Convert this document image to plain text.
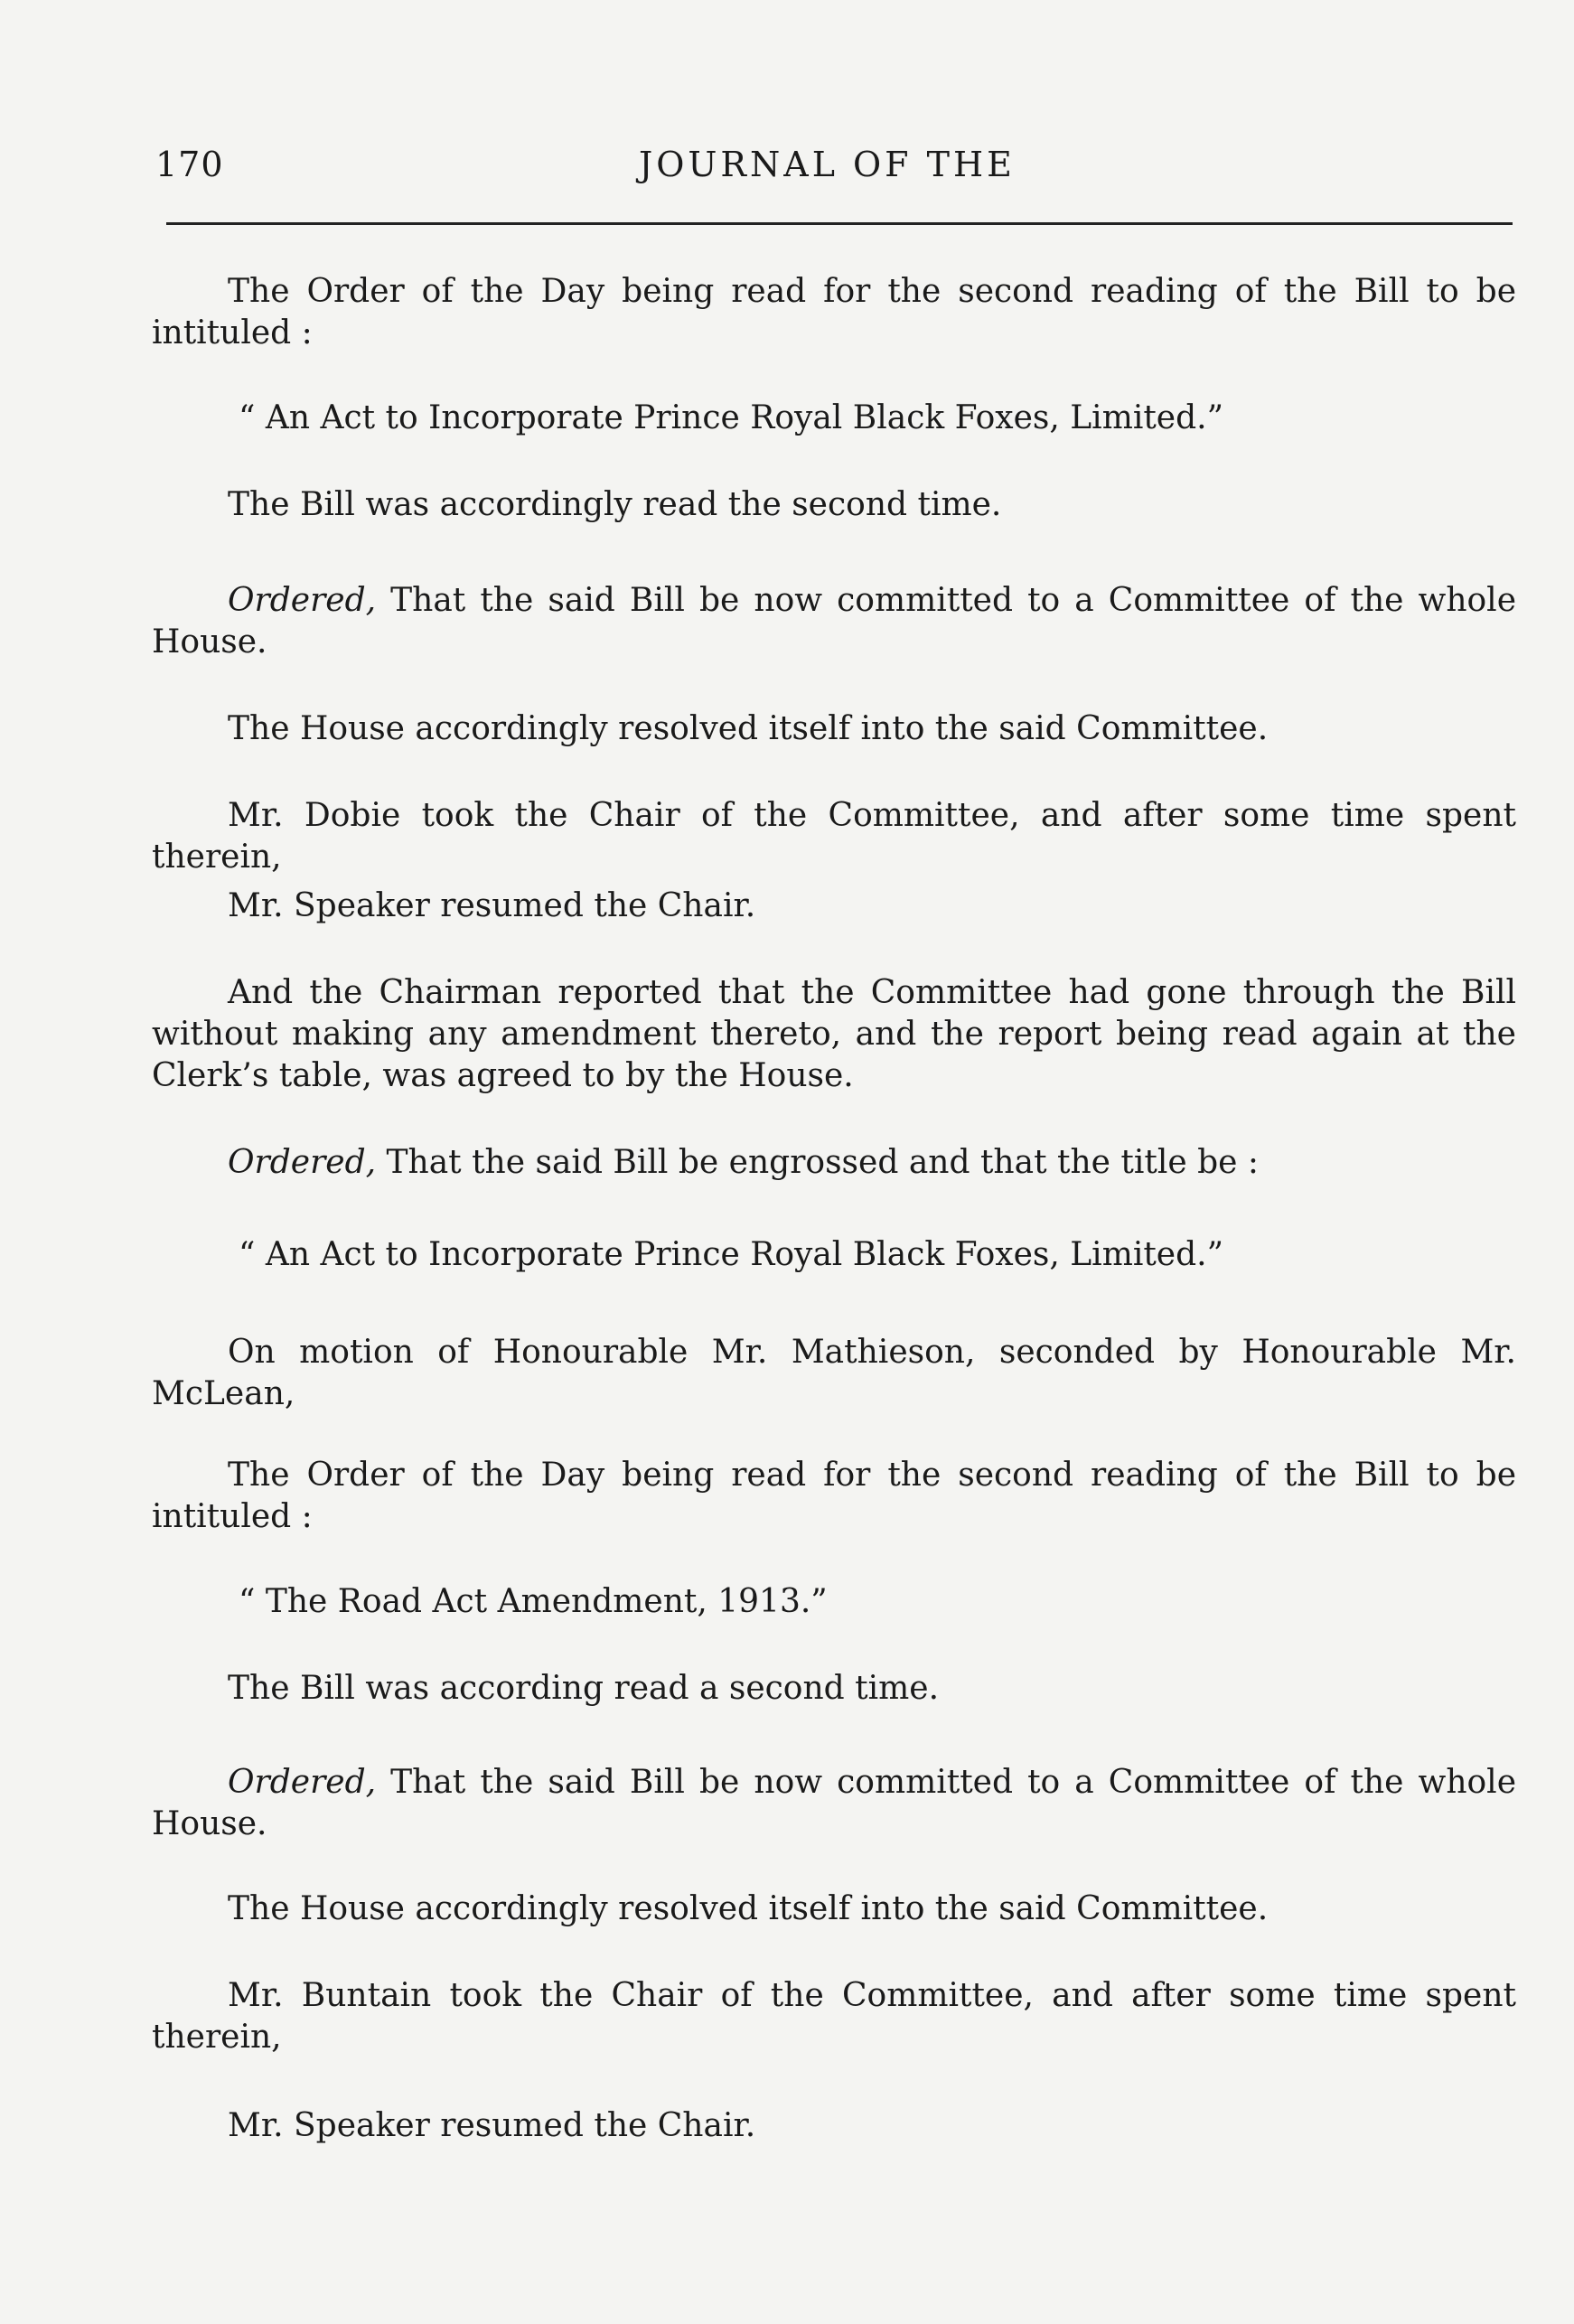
170	JOURNAL OF THE

The Order of the Day being read for the second reading of the Bill to be intituled :

“ An Act to Incorporate Prince Royal Black Foxes, Limited.”

The Bill was accordingly read the second time.

Ordered, That the said Bill be now committed to a Committee of the whole House.

The House accordingly resolved itself into the said Committee.

Mr. Dobie took the Chair of the Committee, and after some time spent therein,

Mr. Speaker resumed the Chair.

And the Chairman reported that the Committee had gone through the Bill without making any amendment thereto, and the report being read again at the Clerk’s table, was agreed to by the House.

Ordered, That the said Bill be engrossed and that the title be :

“ An Act to Incorporate Prince Royal Black Foxes, Limited.”

On motion of Honourable Mr. Mathieson, seconded by Honourable Mr. McLean,

The Order of the Day being read for the second reading of the Bill to be intituled :

“ The Road Act Amendment, 1913.”

The Bill was according read a second time.

Ordered, That the said Bill be now committed to a Committee of the whole House.

The House accordingly resolved itself into the said Committee.

Mr. Buntain took the Chair of the Committee, and after some time spent therein,

Mr. Speaker resumed the Chair.
